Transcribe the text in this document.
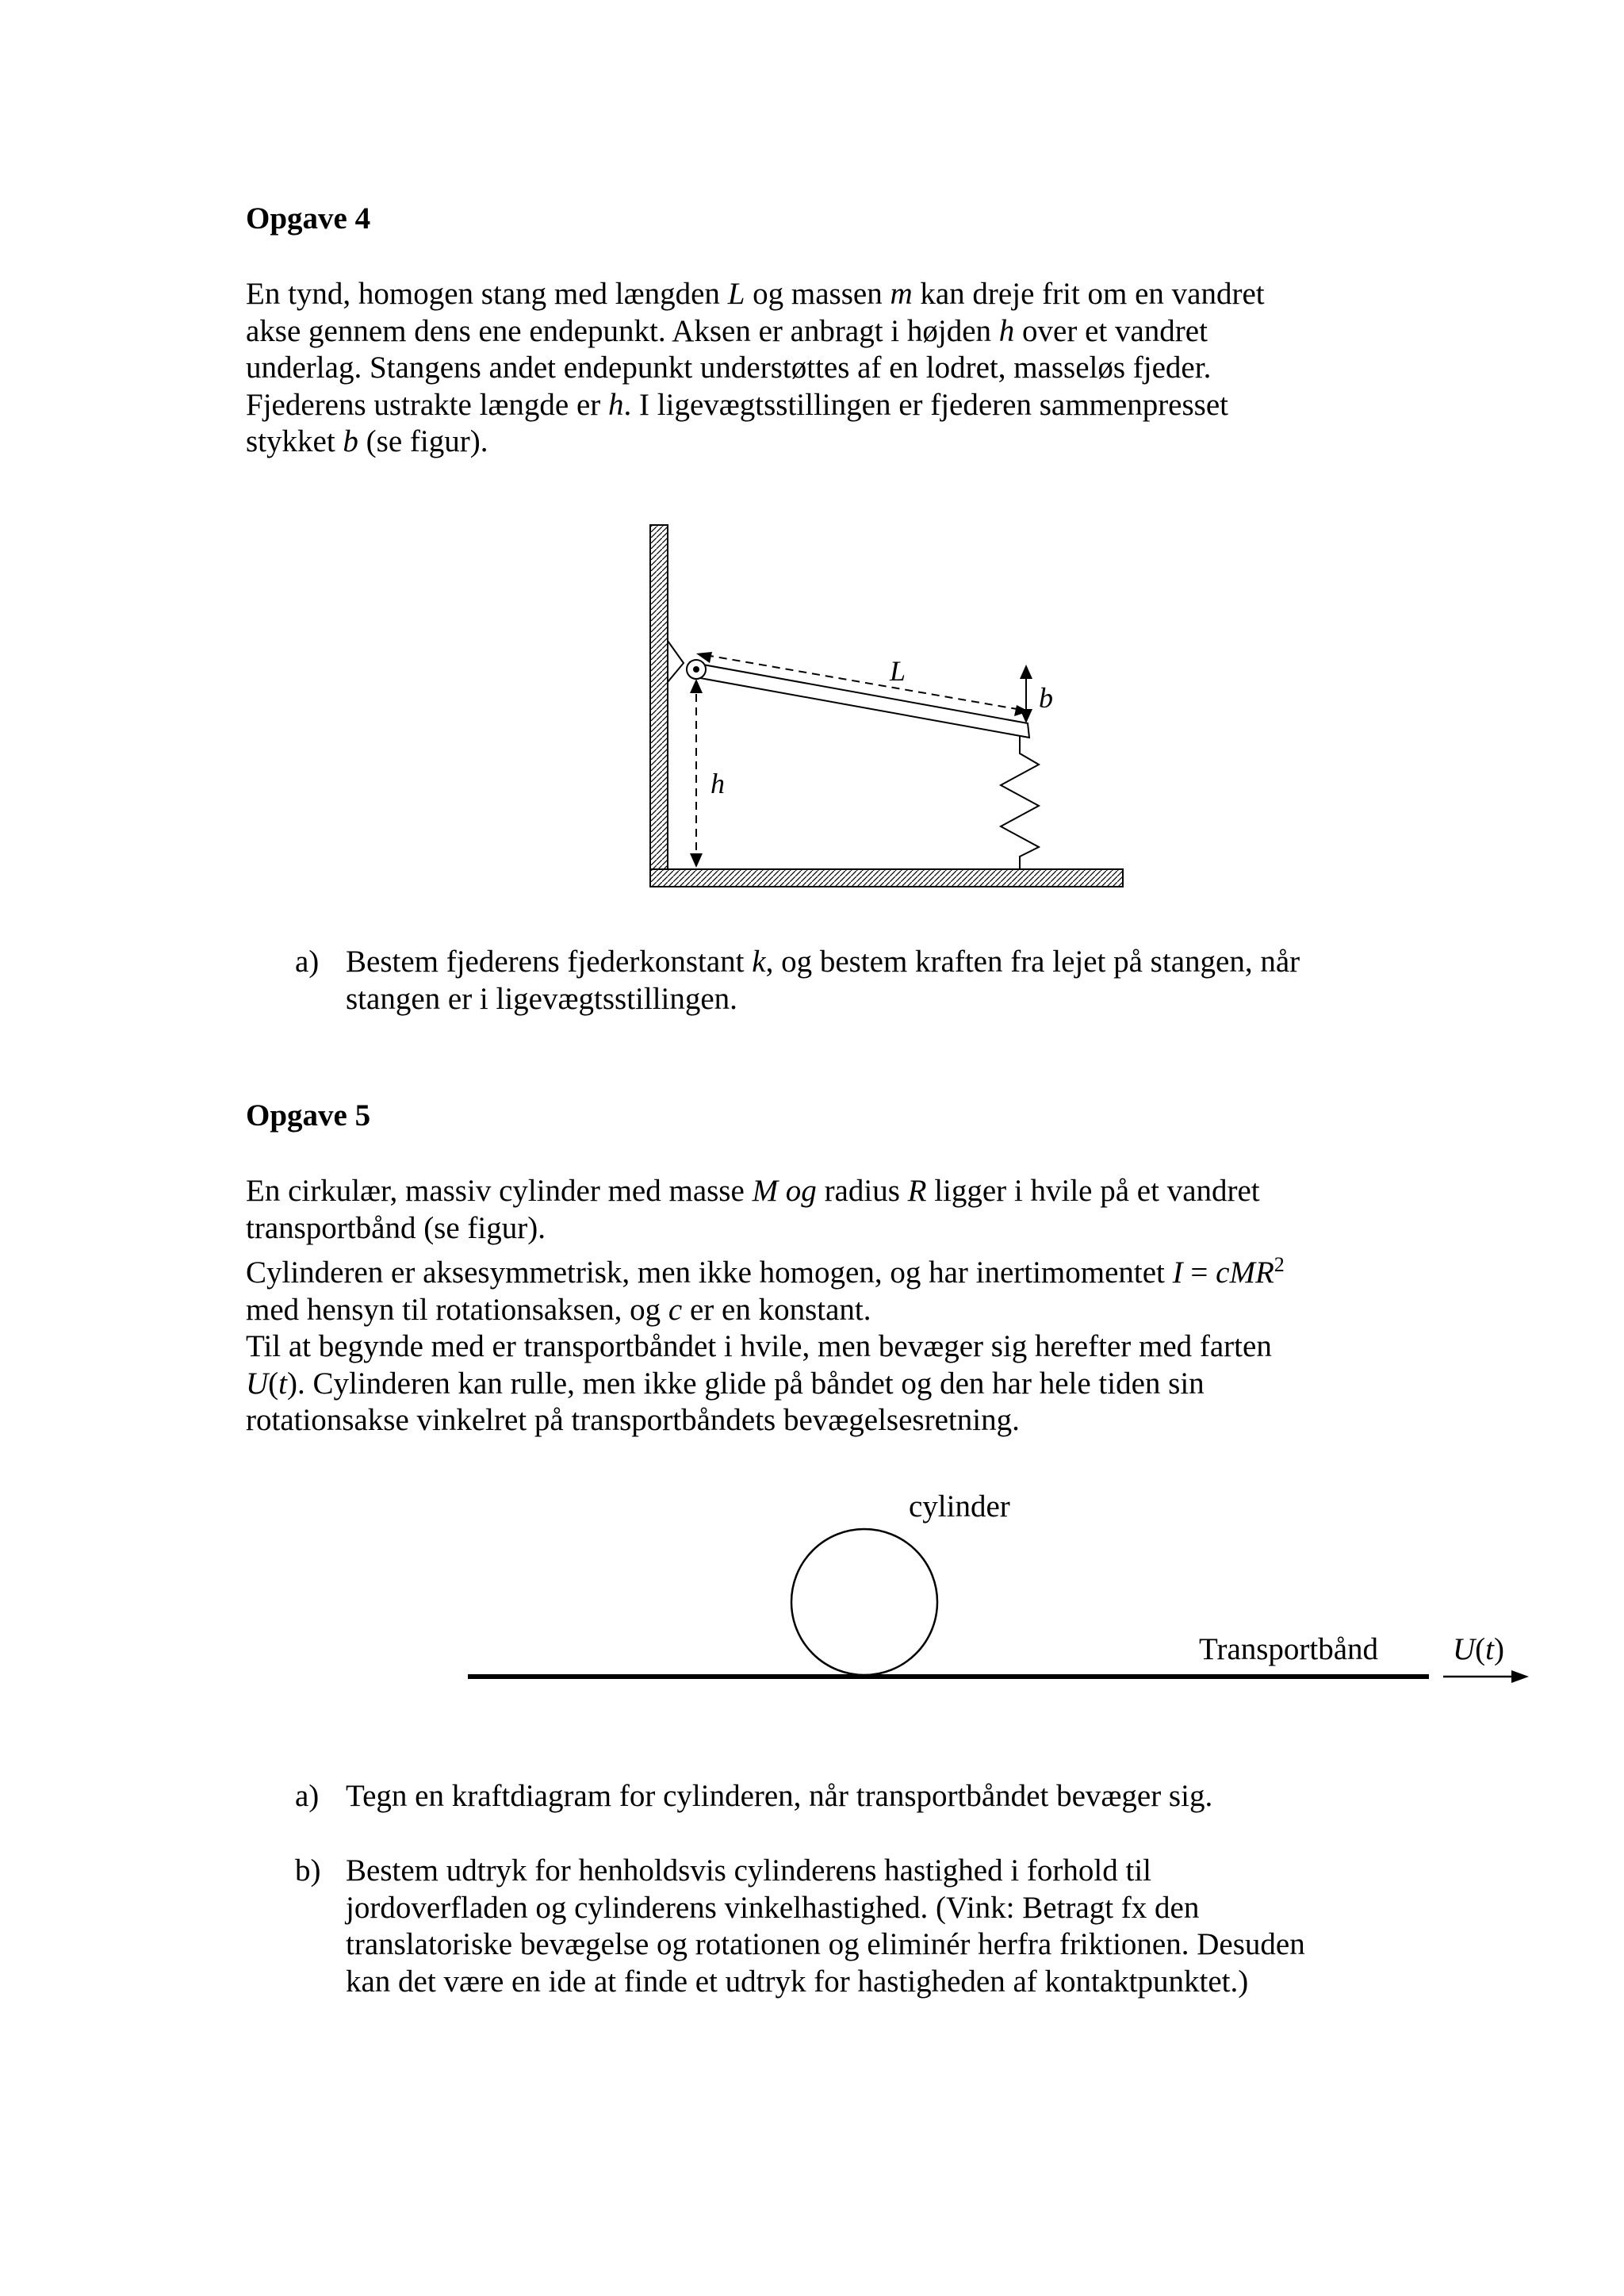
Opgave 4

En tynd, homogen stang med længden L og massen m kan dreje frit om en vandret

akse gennem dens ene endepunkt. Aksen er anbragt i højden h over et vandret

underlag. Stangens andet endepunkt understøttes af en lodret, masseløs fjeder.

Fjederens ustrakte længde er h. I ligevægtsstillingen er fjederen sammenpresset

stykket b (se figur).

L
b
h
a) Bestem fjederens fjederkonstant k, og bestem kraften fra lejet på stangen, når

stangen er i ligevægtsstillingen.

Opgave 5

En cirkulær, massiv cylinder med masse M og radius R ligger i hvile på et vandret

transportbånd (se figur).

Cylinderen er aksesymmetrisk, men ikke homogen, og har inertimomentet I = cMR$^2$

med hensyn til rotationsaksen, og c er en konstant.

Til at begynde med er transportbåndet i hvile, men bevæger sig herefter med farten

U(t). Cylinderen kan rulle, men ikke glide på båndet og den har hele tiden sin

rotationsakse vinkelret på transportbåndets bevægelsesretning.

cylinder
Transportbånd U(t)
a) Tegn en kraftdiagram for cylinderen, når transportbåndet bevæger sig.

b) Bestem udtryk for henholdsvis cylinderens hastighed i forhold til

jordoverfladen og cylinderens vinkelhastighed. (Vink: Betragt fx den

translatoriske bevægelse og rotationen og eliminér herfra friktionen. Desuden

kan det være en ide at finde et udtryk for hastigheden af kontaktpunktet.)
